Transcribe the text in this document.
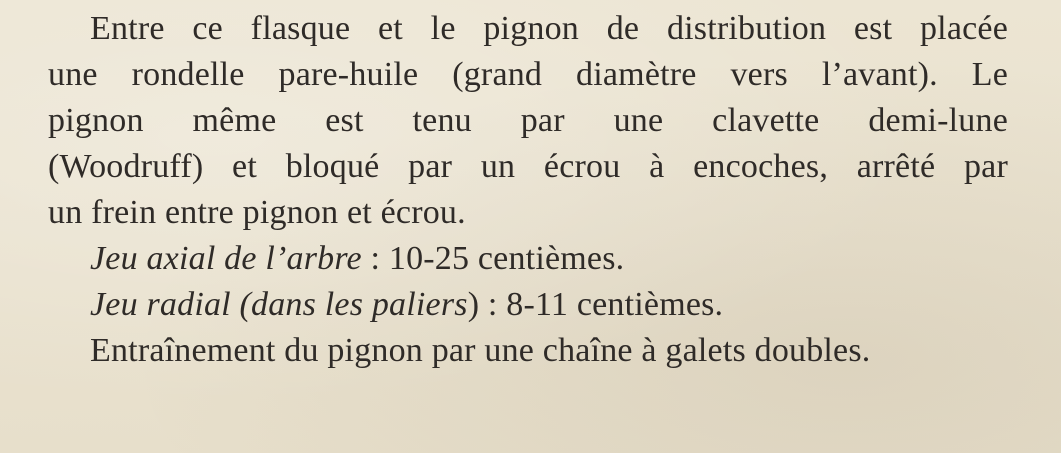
Entre ce flasque et le pignon de distribution est placée
une rondelle pare-huile (grand diamètre vers l’avant). Le
pignon même est tenu par une clavette demi-lune
(Woodruff) et bloqué par un écrou à encoches, arrêté par
un frein entre pignon et écrou.
Jeu axial de l’arbre : 10-25 centièmes.
Jeu radial (dans les paliers) : 8-11 centièmes.
Entraînement du pignon par une chaîne à galets doubles.
